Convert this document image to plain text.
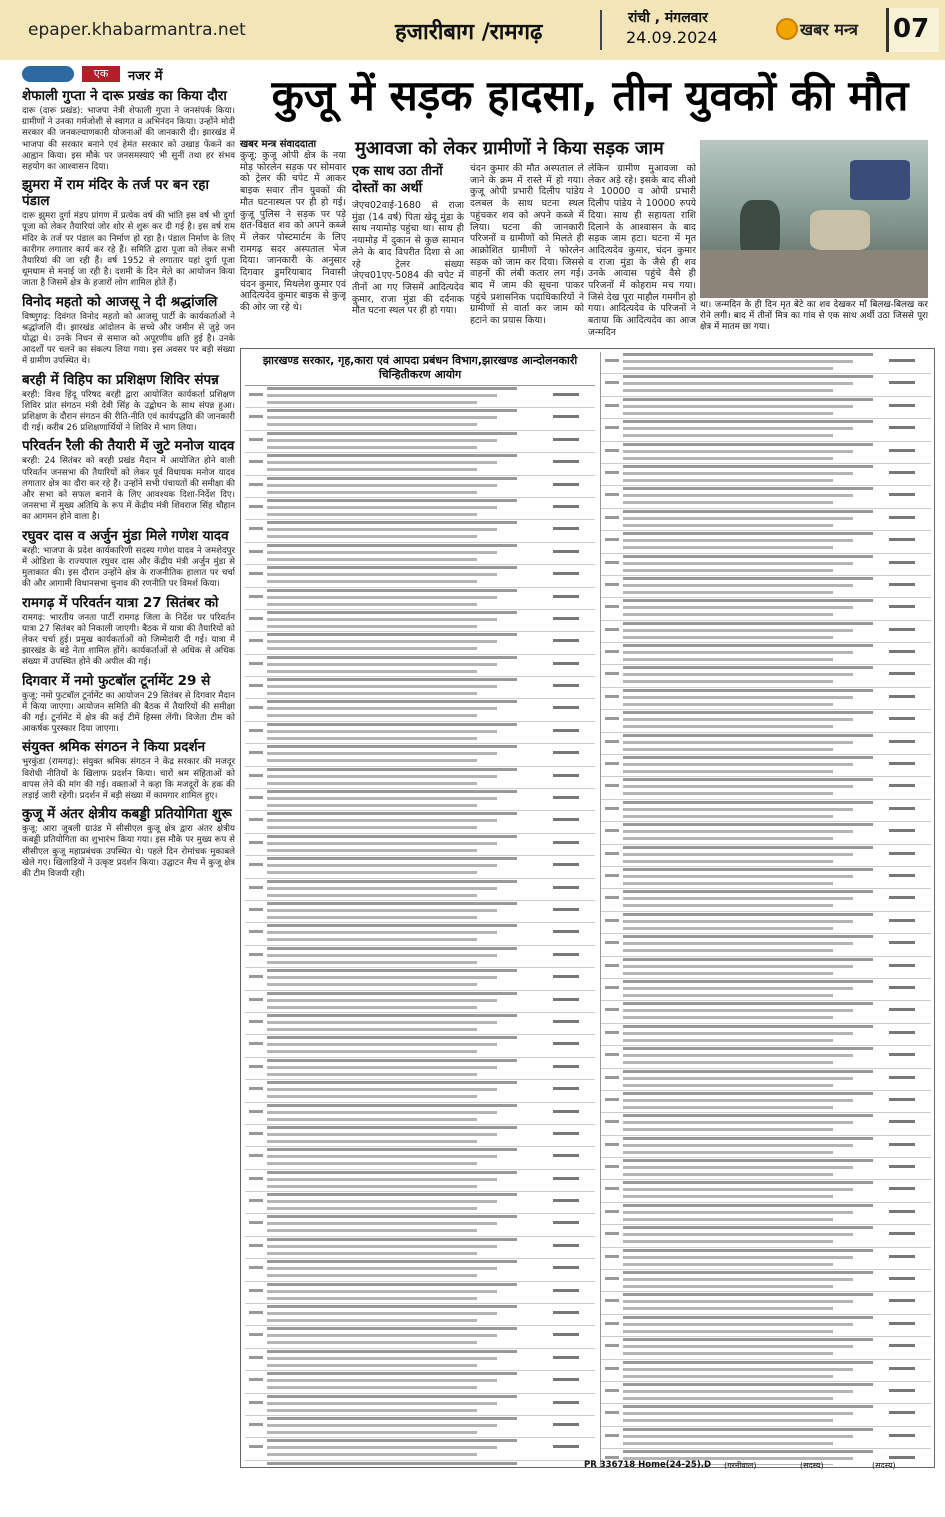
epaper.khabarmantra.net	हजारीबाग /रामगढ़
रांची , मंगलवार
24.09.2024	खबर मन्त्र 07
एक	नजर में
शेफाली गुप्ता ने दारू प्रखंड का किया दौरा

दारू (दारू प्रखंड): भाजपा नेत्री शेफाली गुप्ता ने जनसंपर्क किया। ग्रामीणों ने उनका गर्मजोशी से स्वागत व अभिनंदन किया। उन्होंने मोदी सरकार की जनकल्याणकारी योजनाओं की जानकारी दी। झारखंड में भाजपा की सरकार बनाने एवं हेमंत सरकार को उखाड़ फेंकने का आह्वान किया। इस मौके पर जनसमस्याएं भी सुनीं तथा हर संभव सहयोग का आश्वासन दिया।

झुमरा में राम मंदिर के तर्ज पर बन रहा पंडाल

दारू झुमरा दुर्गा मंडप प्रांगण में प्रत्येक वर्ष की भांति इस वर्ष भी दुर्गा पूजा को लेकर तैयारियां जोर शोर से शुरू कर दी गई है। इस वर्ष राम मंदिर के तर्ज पर पंडाल का निर्माण हो रहा है। पंडाल निर्माण के लिए कारीगर लगातार कार्य कर रहे हैं। समिति द्वारा पूजा को लेकर सभी तैयारियां की जा रही हैं। वर्ष 1952 से लगातार यहां दुर्गा पूजा धूमधाम से मनाई जा रही है। दशमी के दिन मेले का आयोजन किया जाता है जिसमें क्षेत्र के हजारों लोग शामिल होते हैं।

विनोद महतो को आजसू ने दी श्रद्धांजलि

विष्णुगढ़: दिवंगत विनोद महतो को आजसू पार्टी के कार्यकर्ताओं ने श्रद्धांजलि दी। झारखंड आंदोलन के सच्चे और जमीन से जुड़े जन योद्धा थे। उनके निधन से समाज को अपूरणीय क्षति हुई है। उनके आदर्शों पर चलने का संकल्प लिया गया। इस अवसर पर बड़ी संख्या में ग्रामीण उपस्थित थे।

बरही में विहिप का प्रशिक्षण शिविर संपन्न

बरही: विश्व हिंदू परिषद बरही द्वारा आयोजित कार्यकर्ता प्रशिक्षण शिविर प्रांत संगठन मंत्री देवी सिंह के उद्बोधन के साथ संपन्न हुआ। प्रशिक्षण के दौरान संगठन की रीति-नीति एवं कार्यपद्धति की जानकारी दी गई। करीब 26 प्रशिक्षणार्थियों ने शिविर में भाग लिया।

परिवर्तन रैली की तैयारी में जुटे मनोज यादव

बरही: 24 सितंबर को बरही प्रखंड मैदान में आयोजित होने वाली परिवर्तन जनसभा की तैयारियों को लेकर पूर्व विधायक मनोज यादव लगातार क्षेत्र का दौरा कर रहे हैं। उन्होंने सभी पंचायतों की समीक्षा की और सभा को सफल बनाने के लिए आवश्यक दिशा-निर्देश दिए। जनसभा में मुख्य अतिथि के रूप में केंद्रीय मंत्री शिवराज सिंह चौहान का आगमन होने वाला है।

रघुवर दास व अर्जुन मुंडा मिले गणेश यादव

बरही: भाजपा के प्रदेश कार्यकारिणी सदस्य गणेश यादव ने जमशेदपुर में ओडिशा के राज्यपाल रघुवर दास और केंद्रीय मंत्री अर्जुन मुंडा से मुलाकात की। इस दौरान उन्होंने क्षेत्र के राजनीतिक हालात पर चर्चा की और आगामी विधानसभा चुनाव की रणनीति पर विमर्श किया।

रामगढ़ में परिवर्तन यात्रा 27 सितंबर को

रामगढ़: भारतीय जनता पार्टी रामगढ़ जिला के निर्देश पर परिवर्तन यात्रा 27 सितंबर को निकाली जाएगी। बैठक में यात्रा की तैयारियों को लेकर चर्चा हुई। प्रमुख कार्यकर्ताओं को जिम्मेदारी दी गई। यात्रा में झारखंड के बड़े नेता शामिल होंगे। कार्यकर्ताओं से अधिक से अधिक संख्या में उपस्थित होने की अपील की गई।

दिगवार में नमो फुटबॉल टूर्नामेंट 29 से

कुजू: नमो फुटबॉल टूर्नामेंट का आयोजन 29 सितंबर से दिगवार मैदान में किया जाएगा। आयोजन समिति की बैठक में तैयारियों की समीक्षा की गई। टूर्नामेंट में क्षेत्र की कई टीमें हिस्सा लेंगी। विजेता टीम को आकर्षक पुरस्कार दिया जाएगा।

संयुक्त श्रमिक संगठन ने किया प्रदर्शन

भुरकुंडा (रामगढ़): संयुक्त श्रमिक संगठन ने केंद्र सरकार की मजदूर विरोधी नीतियों के खिलाफ प्रदर्शन किया। चारों श्रम संहिताओं को वापस लेने की मांग की गई। वक्ताओं ने कहा कि मजदूरों के हक की लड़ाई जारी रहेगी। प्रदर्शन में बड़ी संख्या में कामगार शामिल हुए।

कुजू में अंतर क्षेत्रीय कबड्डी प्रतियोगिता शुरू

कुजू: आरा जुबली ग्राउंड में सीसीएल कुजू क्षेत्र द्वारा अंतर क्षेत्रीय कबड्डी प्रतियोगिता का शुभारंभ किया गया। इस मौके पर मुख्य रूप से सीसीएल कुजू महाप्रबंधक उपस्थित थे। पहले दिन रोमांचक मुकाबले खेले गए। खिलाड़ियों ने उत्कृष्ट प्रदर्शन किया। उद्घाटन मैच में कुजू क्षेत्र की टीम विजयी रही।

कुजू में सड़क हादसा, तीन युवकों की मौत
खबर मन्त्र संवाददाता मुआवजा को लेकर ग्रामीणों ने किया सड़क जाम
कुजू: कुजू ओपी क्षेत्र के नया मोड़ फोरलेन सड़क पर सोमवार को ट्रेलर की चपेट में आकर बाइक सवार तीन युवकों की मौत घटनास्थल पर ही हो गई। कुजू पुलिस ने सड़क पर पड़े क्षत-विक्षत शव को अपने कब्जे में लेकर पोस्टमार्टम के लिए रामगढ़ सदर अस्पताल भेज दिया। जानकारी के अनुसार दिगवार डुमरियाबाद निवासी चंदन कुमार, मिथलेश कुमार एवं आदित्यदेव कुमार बाइक से कुजू की ओर जा रहे थे।
एक साथ उठा तीनों दोस्तों का अर्थी
जेएच02वाई-1680 से राजा मुंडा (14 वर्ष) पिता खेदू मुंडा के साथ नयामोड़ पहुंचा था। साथ ही नयामोड़ में दुकान से कुछ सामान लेने के बाद विपरीत दिशा से आ रहे ट्रेलर संख्या जेएच01एए-5084 की चपेट में तीनों आ गए जिसमें आदित्यदेव कुमार, राजा मुंडा की दर्दनाक मौत घटना स्थल पर ही हो गया।
चंदन कुमार की मौत अस्पताल ले जाने के क्रम में रास्ते में हो गया। कुजू ओपी प्रभारी दिलीप पांडेय दलबल के साथ घटना स्थल पहुंचकर शव को अपने कब्जे में लिया। घटना की जानकारी परिजनों व ग्रामीणों को मिलते ही आक्रोशित ग्रामीणों ने फोरलेन सड़क को जाम कर दिया। जिससे वाहनों की लंबी कतार लग गई। बाद में जाम की सूचना पाकर पहुंचे प्रशासनिक पदाधिकारियों ने ग्रामीणों से वार्ता कर जाम को हटाने का प्रयास किया।
लेकिन ग्रामीण मुआवजा को लेकर अड़े रहे। इसके बाद सीओ ने 10000 व ओपी प्रभारी दिलीप पांडेय ने 10000 रुपये दिया। साथ ही सहायता राशि दिलाने के आश्वासन के बाद सड़क जाम हटा। घटना में मृत आदित्यदेव कुमार, चंदन कुमार व राजा मुंडा के जैसे ही शव उनके आवास पहुंचे वैसे ही परिजनों में कोहराम मच गया। जिसे देख पूरा माहौल गमगीन हो गया। आदित्यदेव के परिजनों ने बताया कि आदित्यदेव का आज जन्मदिन
था। जन्मदिन के ही दिन मृत बेटे का शव देखकर माँ बिलख-बिलख कर रोने लगी। बाद में तीनों मित्र का गांव से एक साथ अर्थी उठा जिससे पूरा क्षेत्र में मातम छा गया।
झारखण्ड सरकार, गृह,कारा एवं आपदा प्रबंधन विभाग,झारखण्ड आन्दोलनकारी चिन्हितीकरण आयोग
PR 336718 Home(24-25).D (गरनीवाल)	(सदस्य)	(सदस्य)
